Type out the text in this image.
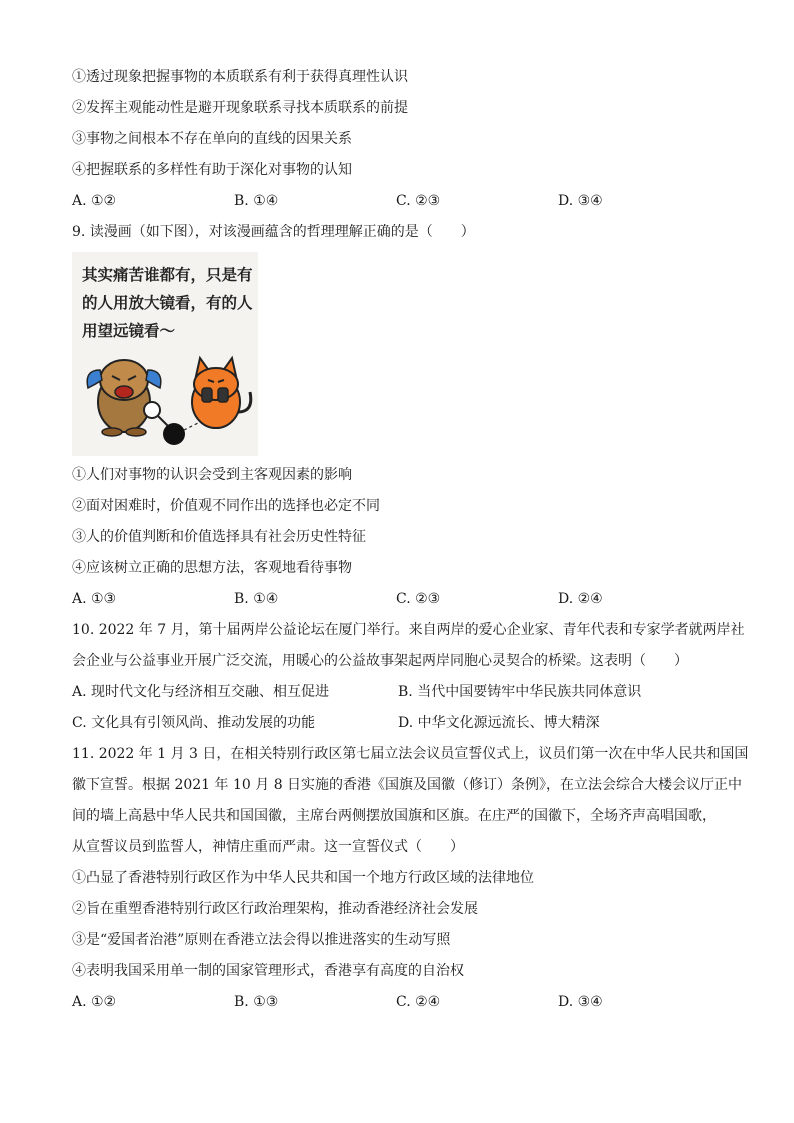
①透过现象把握事物的本质联系有利于获得真理性认识
②发挥主观能动性是避开现象联系寻找本质联系的前提
③事物之间根本不存在单向的直线的因果关系
④把握联系的多样性有助于深化对事物的认知
A. ①②	B. ①④	C. ②③	D. ③④
9. 读漫画（如下图），对该漫画蕴含的哲理理解正确的是（　　）
其实痛苦谁都有，只是有
的人用放大镜看，有的人
用望远镜看～
①人们对事物的认识会受到主客观因素的影响
②面对困难时，价值观不同作出的选择也必定不同
③人的价值判断和价值选择具有社会历史性特征
④应该树立正确的思想方法，客观地看待事物
A. ①③	B. ①④	C. ②③	D. ②④
10. 2022 年 7 月，第十届两岸公益论坛在厦门举行。来自两岸的爱心企业家、青年代表和专家学者就两岸社
会企业与公益事业开展广泛交流，用暖心的公益故事架起两岸同胞心灵契合的桥梁。这表明（　　）
A. 现时代文化与经济相互交融、相互促进	B. 当代中国要铸牢中华民族共同体意识
C. 文化具有引领风尚、推动发展的功能	D. 中华文化源远流长、博大精深
11. 2022 年 1 月 3 日，在相关特别行政区第七届立法会议员宣誓仪式上，议员们第一次在中华人民共和国国
徽下宣誓。根据 2021 年 10 月 8 日实施的香港《国旗及国徽（修订）条例》，在立法会综合大楼会议厅正中
间的墙上高悬中华人民共和国国徽，主席台两侧摆放国旗和区旗。在庄严的国徽下，全场齐声高唱国歌，
从宣誓议员到监誓人，神情庄重而严肃。这一宣誓仪式（　　）
①凸显了香港特别行政区作为中华人民共和国一个地方行政区域的法律地位
②旨在重塑香港特别行政区行政治理架构，推动香港经济社会发展
③是“爱国者治港”原则在香港立法会得以推进落实的生动写照
④表明我国采用单一制的国家管理形式，香港享有高度的自治权
A. ①②	B. ①③	C. ②④	D. ③④
